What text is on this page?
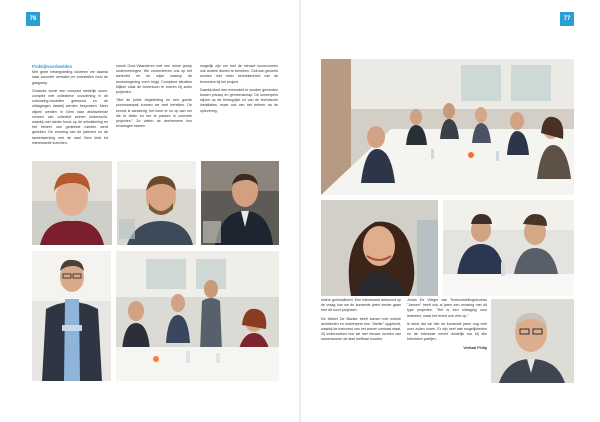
76

Praktijkvoorbeelden

Met grote belangstelling luisteren we daarna naar concrete verhalen en voorstellen rond de gasgroep.

Ondanks wordt een compact stedelijk woon-complex met collectieve voorziening in de cohousing-modellen gebouwd en de uitdagingen daarbij werden besproken. Meer wijken werden in Gent naar afwisselende vormen van collectief wonen onderzocht, waarbij met sterke focus op de ontwikkeling en het beheer van gedeelde ruimten werd gekeken. De ervaring van de partners en de samenwerking met de stad Gent leidt tot interessante inzichten.

vanuit Oost-Vlaanderen met een ruime groep ondernemingen. We concentreren ons op het werkveld en de wijze waarop de woonomgeving vorm krijgt. Complexe situaties blijken vaak de boventoon te voeren bij zulke projecten.

"Met de juiste begeleiding en een goede procesaanpak kunnen we veel bereiken. De kennis is aanwezig, het komt er nu op aan om die te delen en toe te passen in concrete projecten." Zo vatten de deelnemers hun ervaringen samen.

mogelijk zijn om met de nieuwe woonvormen ook andere doelen te bereiken. Ook kan gewerkt worden met meer betrokkenheid van de bewoners bij het project.

Daarbij dient een evenwicht te worden gevonden tussen privacy en gemeenschap. De ontwerpers wijzen op de belangrijke rol van de technische installaties, maar ook van het beheer na de oplevering.

77

elders geïnstalleerd. Een interessant antwoord op de vraag hoe we de komende jaren verder gaan met dit soort projecten.

De Michel De Backer heeft samen met enkele architecten en ontwerpers een "Atelier" opgericht, waarbij de toekomst van het wonen centraal staat. Zij onderzoeken hoe we met nieuwe vormen van samenwonen de stad leefbaar houden.

Johan De Vlieger van Tentoonstellingsbureau "Jansen" heeft ook al jaren een ervaring met dit type projecten. "Het is een uitdaging voor iedereen, maar het levert ook veel op."

Ik denk dat we hier de komende jaren nog veel over zullen horen. Er zijn heel wat mogelijkheden en de interesse neemt duidelijk toe bij alle betrokken partijen.

Verhaal Philip
